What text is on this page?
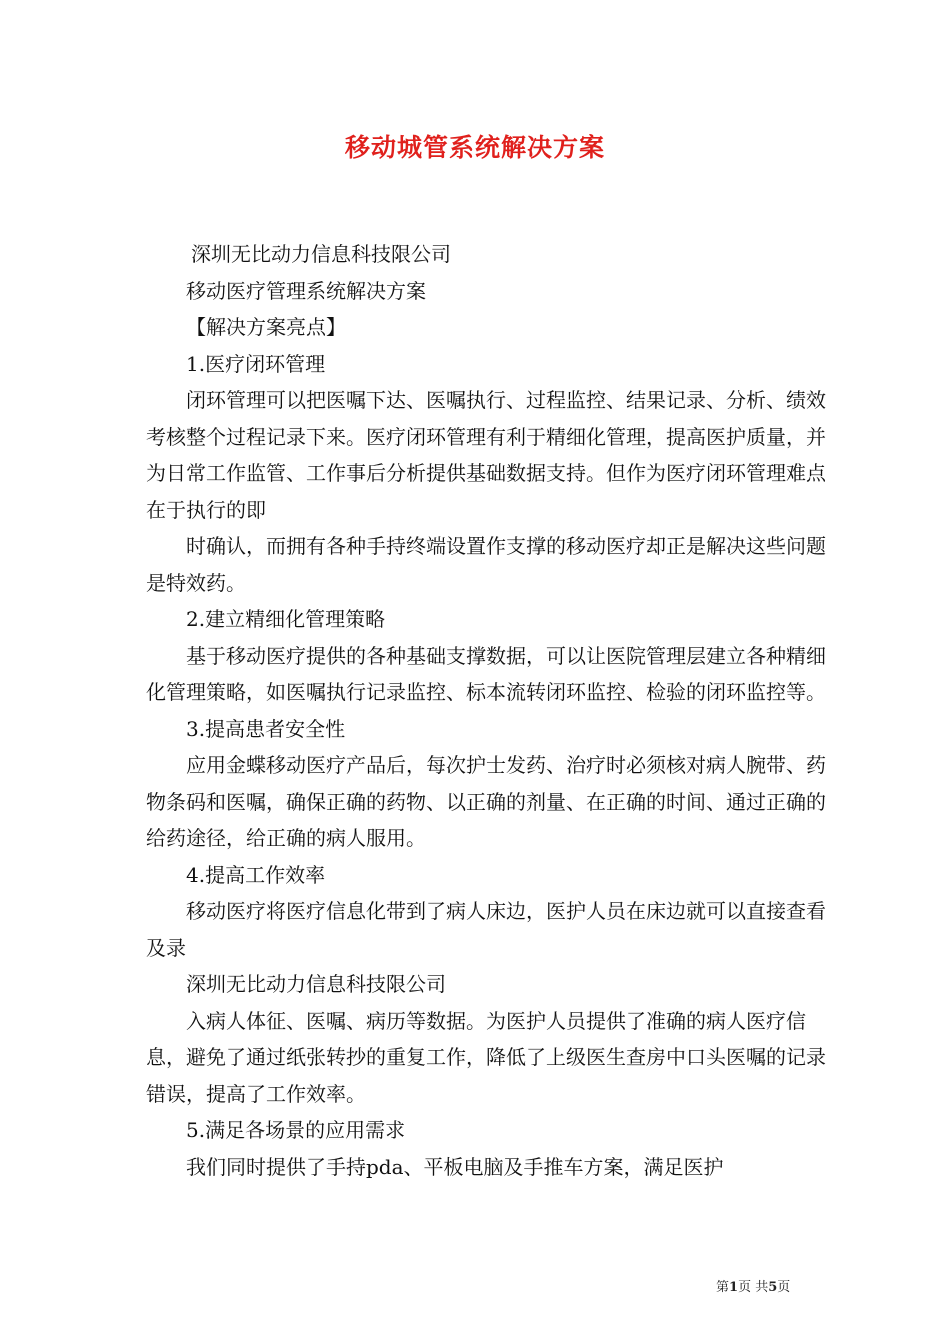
移动城管系统解决方案

深圳无比动力信息科技限公司

移动医疗管理系统解决方案

【解决方案亮点】

1.医疗闭环管理

闭环管理可以把医嘱下达、医嘱执行、过程监控、结果记录、分析、绩效考核整个过程记录下来。医疗闭环管理有利于精细化管理，提高医护质量，并为日常工作监管、工作事后分析提供基础数据支持。但作为医疗闭环管理难点在于执行的即

时确认，而拥有各种手持终端设置作支撑的移动医疗却正是解决这些问题是特效药。

2.建立精细化管理策略

基于移动医疗提供的各种基础支撑数据，可以让医院管理层建立各种精细化管理策略，如医嘱执行记录监控、标本流转闭环监控、检验的闭环监控等。

3.提高患者安全性

应用金蝶移动医疗产品后，每次护士发药、治疗时必须核对病人腕带、药物条码和医嘱，确保正确的药物、以正确的剂量、在正确的时间、通过正确的给药途径，给正确的病人服用。

4.提高工作效率

移动医疗将医疗信息化带到了病人床边，医护人员在床边就可以直接查看及录

深圳无比动力信息科技限公司

入病人体征、医嘱、病历等数据。为医护人员提供了准确的病人医疗信息，避免了通过纸张转抄的重复工作，降低了上级医生查房中口头医嘱的记录错误，提高了工作效率。

5.满足各场景的应用需求

我们同时提供了手持pda、平板电脑及手推车方案，满足医护

第1页 共5页
